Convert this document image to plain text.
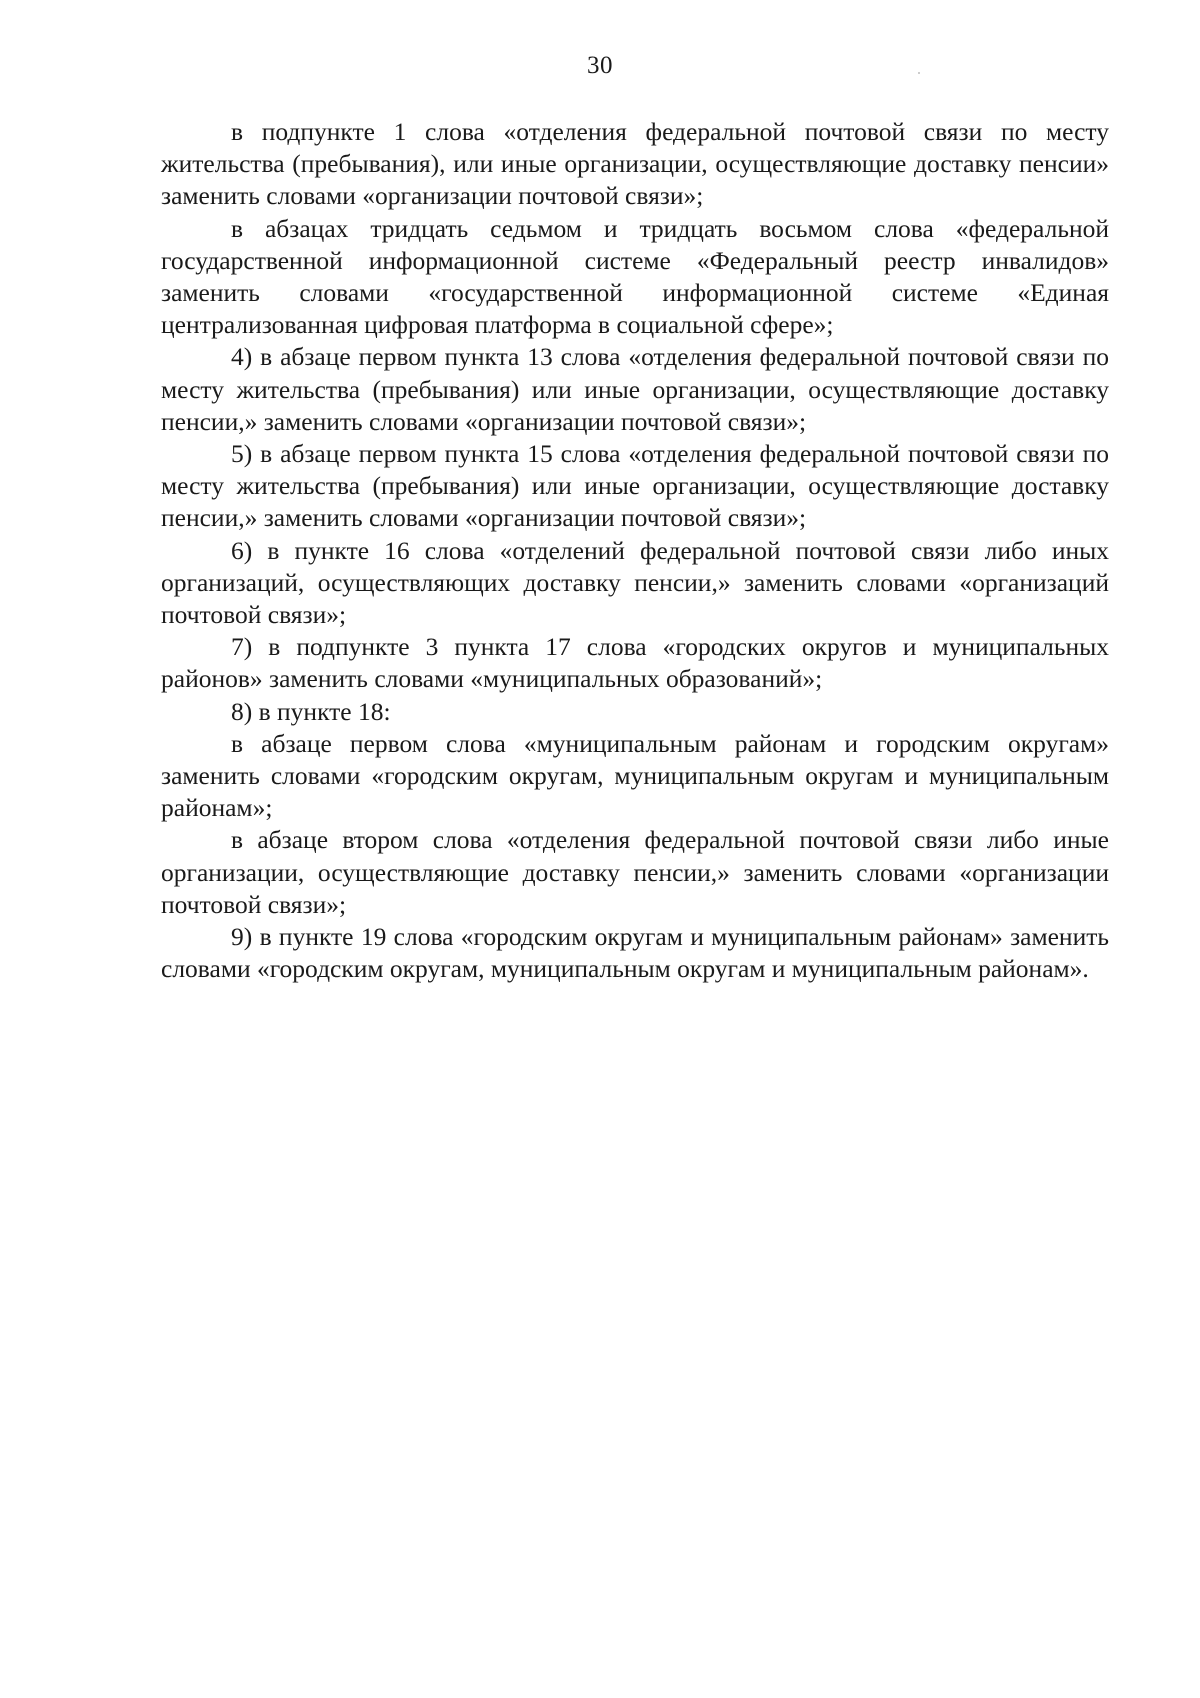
30

в подпункте 1 слова «отделения федеральной почтовой связи по месту жительства (пребывания), или иные организации, осуществляющие доставку пенсии» заменить словами «организации почтовой связи»;

в абзацах тридцать седьмом и тридцать восьмом слова «федеральной государственной информационной системе «Федеральный реестр инвалидов» заменить словами «государственной информационной системе «Единая централизованная цифровая платформа в социальной сфере»;

4) в абзаце первом пункта 13 слова «отделения федеральной почтовой связи по месту жительства (пребывания) или иные организации, осуществляющие доставку пенсии,» заменить словами «организации почтовой связи»;

5) в абзаце первом пункта 15 слова «отделения федеральной почтовой связи по месту жительства (пребывания) или иные организации, осуществляющие доставку пенсии,» заменить словами «организации почтовой связи»;

6) в пункте 16 слова «отделений федеральной почтовой связи либо иных организаций, осуществляющих доставку пенсии,» заменить словами «организаций почтовой связи»;

7) в подпункте 3 пункта 17 слова «городских округов и муниципальных районов» заменить словами «муниципальных образований»;

8) в пункте 18:

в абзаце первом слова «муниципальным районам и городским округам» заменить словами «городским округам, муниципальным округам и муниципальным районам»;

в абзаце втором слова «отделения федеральной почтовой связи либо иные организации, осуществляющие доставку пенсии,» заменить словами «организации почтовой связи»;

9) в пункте 19 слова «городским округам и муниципальным районам» заменить словами «городским округам, муниципальным округам и муниципальным районам».
